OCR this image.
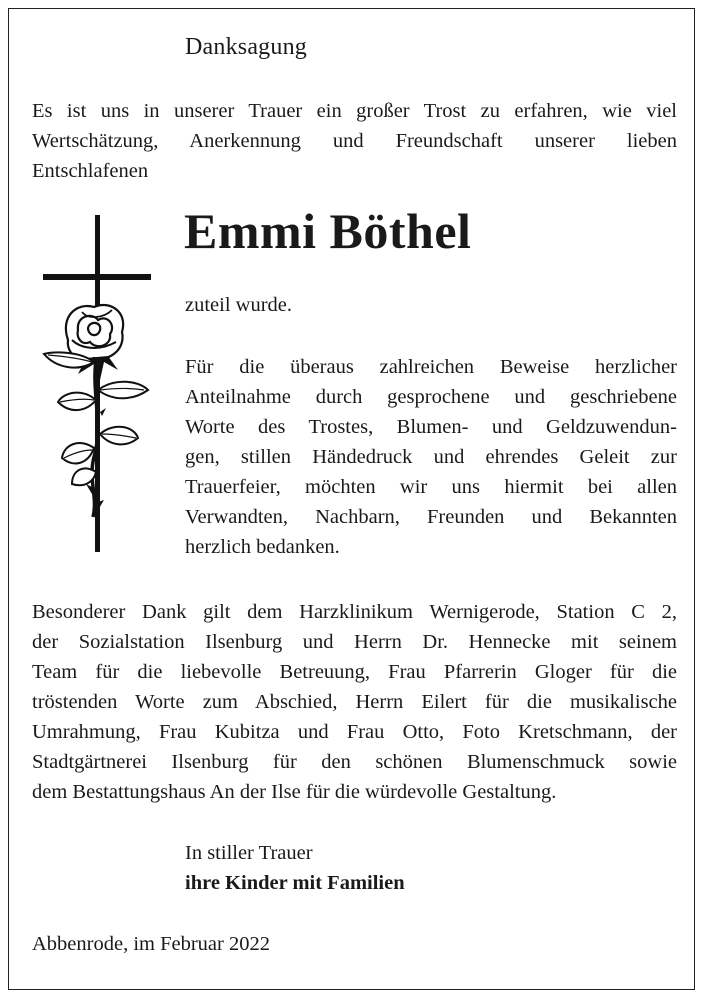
Danksagung

Es ist uns in unserer Trauer ein großer Trost zu erfahren, wie viel
Wertschätzung, Anerkennung und Freundschaft unserer lieben
Entschlafenen

Emmi Böthel
zuteil wurde.

Für die überaus zahlreichen Beweise herzlicher
Anteilnahme durch gesprochene und geschriebene
Worte des Trostes, Blumen- und Geldzuwendun-
gen, stillen Händedruck und ehrendes Geleit zur
Trauerfeier, möchten wir uns hiermit bei allen
Verwandten, Nachbarn, Freunden und Bekannten
herzlich bedanken.

Besonderer Dank gilt dem Harzklinikum Wernigerode, Station C 2,
der Sozialstation Ilsenburg und Herrn Dr. Hennecke mit seinem
Team für die liebevolle Betreuung, Frau Pfarrerin Gloger für die
tröstenden Worte zum Abschied, Herrn Eilert für die musikalische
Umrahmung, Frau Kubitza und Frau Otto, Foto Kretschmann, der
Stadtgärtnerei Ilsenburg für den schönen Blumenschmuck sowie
dem Bestattungshaus An der Ilse für die würdevolle Gestaltung.

In stiller Trauer
ihre Kinder mit Familien
Abbenrode, im Februar 2022
